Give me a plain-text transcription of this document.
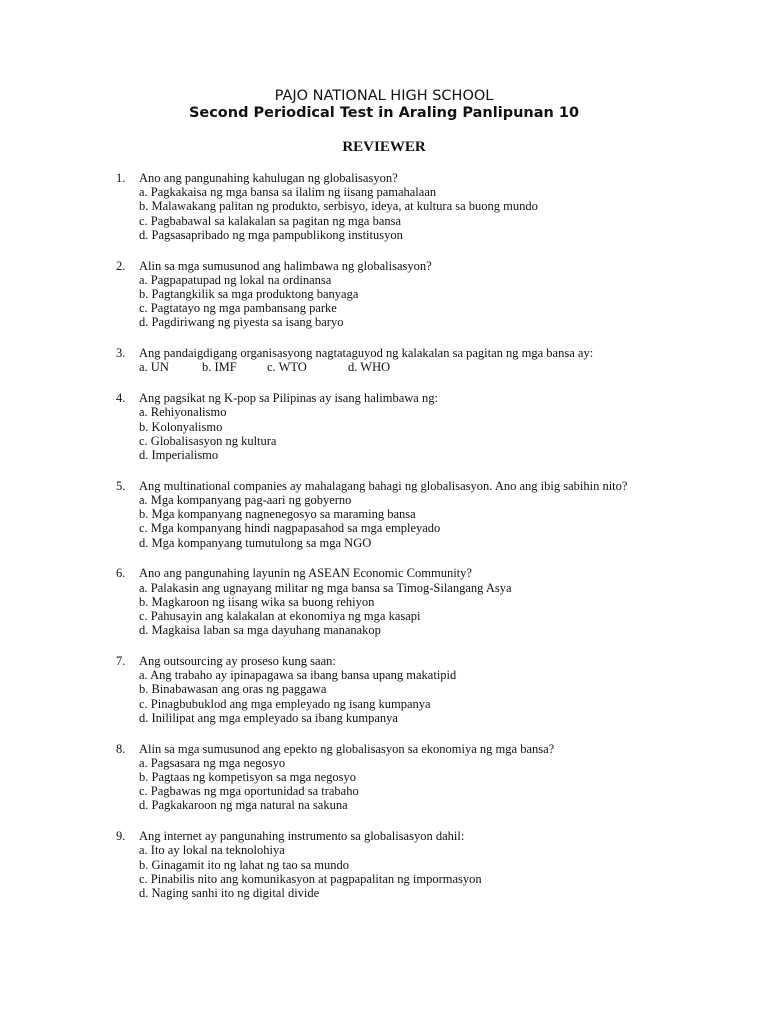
PAJO NATIONAL HIGH SCHOOL
Second Periodical Test in Araling Panlipunan 10
REVIEWER
1. Ano ang pangunahing kahulugan ng globalisasyon?
a. Pagkakaisa ng mga bansa sa ilalim ng iisang pamahalaan
b. Malawakang palitan ng produkto, serbisyo, ideya, at kultura sa buong mundo
c. Pagbabawal sa kalakalan sa pagitan ng mga bansa
d. Pagsasapribado ng mga pampublikong institusyon
2. Alin sa mga sumusunod ang halimbawa ng globalisasyon?
a. Pagpapatupad ng lokal na ordinansa
b. Pagtangkilik sa mga produktong banyaga
c. Pagtatayo ng mga pambansang parke
d. Pagdiriwang ng piyesta sa isang baryo
3. Ang pandaigdigang organisasyong nagtataguyod ng kalakalan sa pagitan ng mga bansa ay:
a. UN	b. IMF c. WTO	d. WHO
4. Ang pagsikat ng K-pop sa Pilipinas ay isang halimbawa ng:
a. Rehiyonalismo
b. Kolonyalismo
c. Globalisasyon ng kultura
d. Imperialismo
5. Ang multinational companies ay mahalagang bahagi ng globalisasyon. Ano ang ibig sabihin nito?
a. Mga kompanyang pag-aari ng gobyerno
b. Mga kompanyang nagnenegosyo sa maraming bansa
c. Mga kompanyang hindi nagpapasahod sa mga empleyado
d. Mga kompanyang tumutulong sa mga NGO
6. Ano ang pangunahing layunin ng ASEAN Economic Community?
a. Palakasin ang ugnayang militar ng mga bansa sa Timog-Silangang Asya
b. Magkaroon ng iisang wika sa buong rehiyon
c. Pahusayin ang kalakalan at ekonomiya ng mga kasapi
d. Magkaisa laban sa mga dayuhang mananakop
7. Ang outsourcing ay proseso kung saan:
a. Ang trabaho ay ipinapagawa sa ibang bansa upang makatipid
b. Binabawasan ang oras ng paggawa
c. Pinagbubuklod ang mga empleyado ng isang kumpanya
d. Inililipat ang mga empleyado sa ibang kumpanya
8. Alin sa mga sumusunod ang epekto ng globalisasyon sa ekonomiya ng mga bansa?
a. Pagsasara ng mga negosyo
b. Pagtaas ng kompetisyon sa mga negosyo
c. Pagbawas ng mga oportunidad sa trabaho
d. Pagkakaroon ng mga natural na sakuna
9. Ang internet ay pangunahing instrumento sa globalisasyon dahil:
a. Ito ay lokal na teknolohiya
b. Ginagamit ito ng lahat ng tao sa mundo
c. Pinabilis nito ang komunikasyon at pagpapalitan ng impormasyon
d. Naging sanhi ito ng digital divide
